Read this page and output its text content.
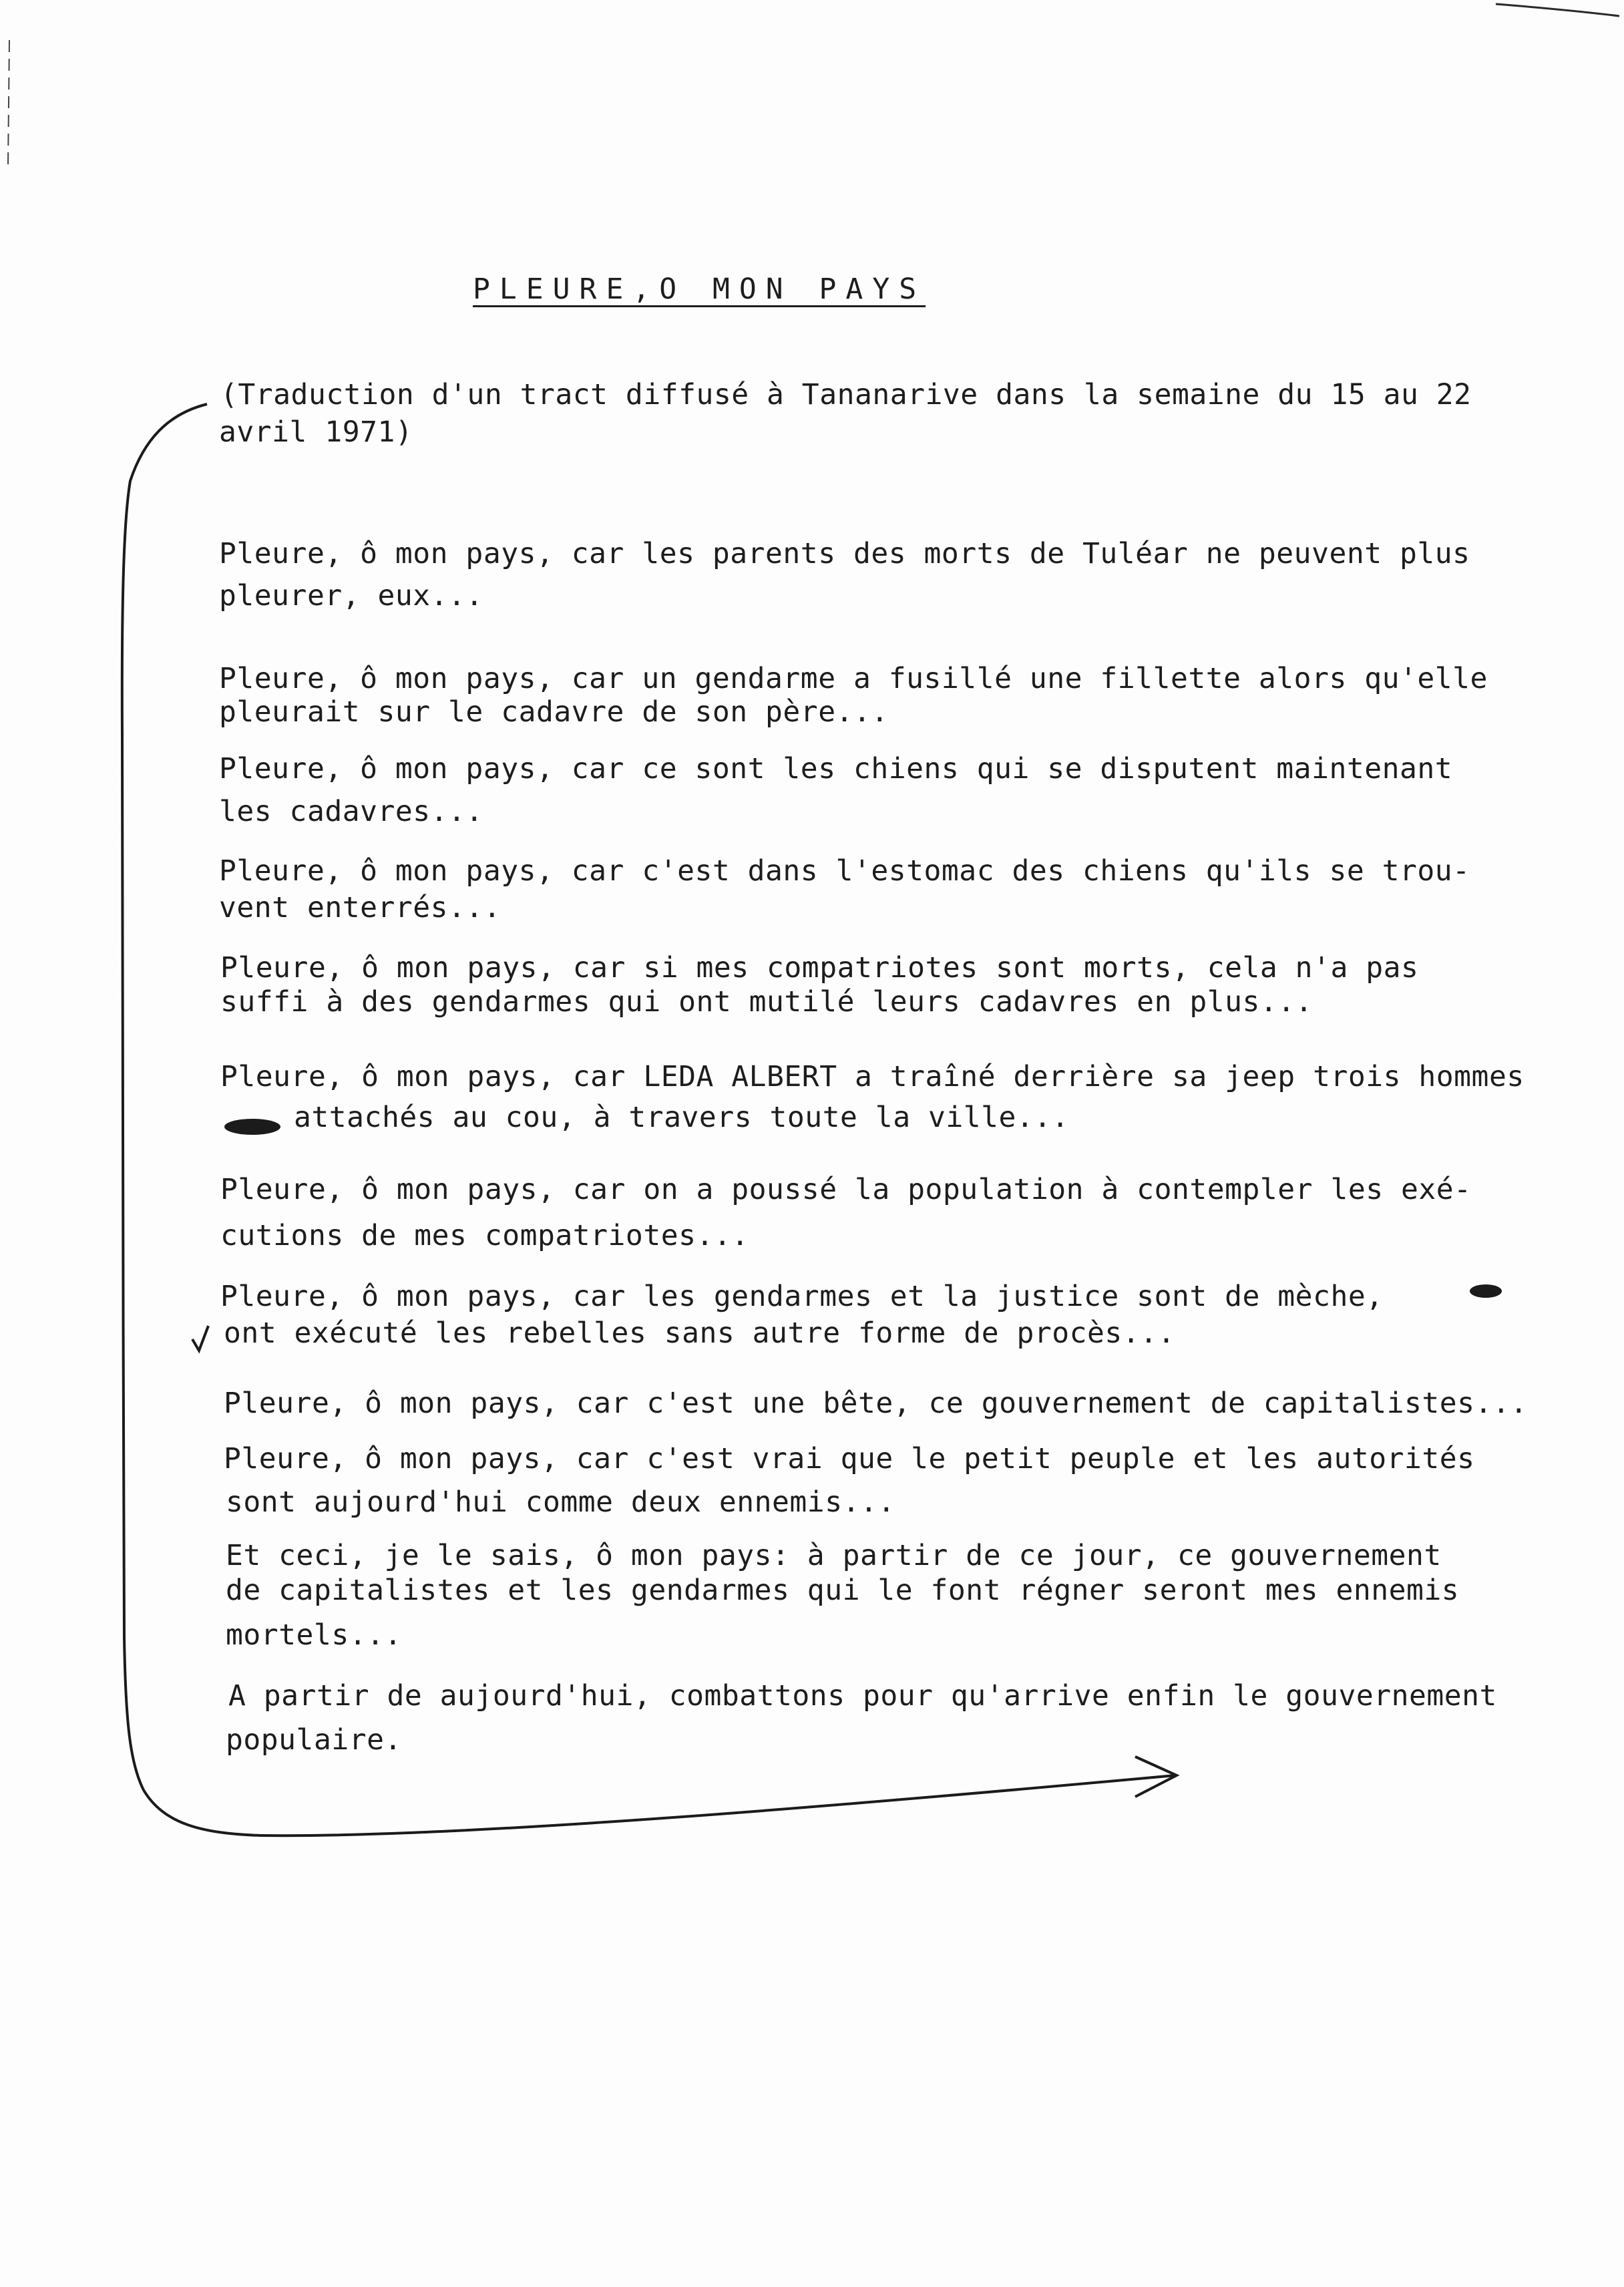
PLEURE,O MON PAYS

(Traduction d'un tract diffusé à Tananarive dans la semaine du 15 au 22

avril 1971)

Pleure, ô mon pays, car les parents des morts de Tuléar ne peuvent plus

pleurer, eux...

Pleure, ô mon pays, car un gendarme a fusillé une fillette alors qu'elle

pleurait sur le cadavre de son père...

Pleure, ô mon pays, car ce sont les chiens qui se disputent maintenant

les cadavres...

Pleure, ô mon pays, car c'est dans l'estomac des chiens qu'ils se trou-

vent enterrés...

Pleure, ô mon pays, car si mes compatriotes sont morts, cela n'a pas

suffi à des gendarmes qui ont mutilé leurs cadavres en plus...

Pleure, ô mon pays, car LEDA ALBERT a traîné derrière sa jeep trois hommes

attachés au cou, à travers toute la ville...

Pleure, ô mon pays, car on a poussé la population à contempler les exé-

cutions de mes compatriotes...

Pleure, ô mon pays, car les gendarmes et la justice sont de mèche,

ont exécuté les rebelles sans autre forme de procès...

Pleure, ô mon pays, car c'est une bête, ce gouvernement de capitalistes...

Pleure, ô mon pays, car c'est vrai que le petit peuple et les autorités

sont aujourd'hui comme deux ennemis...

Et ceci, je le sais, ô mon pays: à partir de ce jour, ce gouvernement

de capitalistes et les gendarmes qui le font régner seront mes ennemis

mortels...

A partir de aujourd'hui, combattons pour qu'arrive enfin le gouvernement

populaire.
